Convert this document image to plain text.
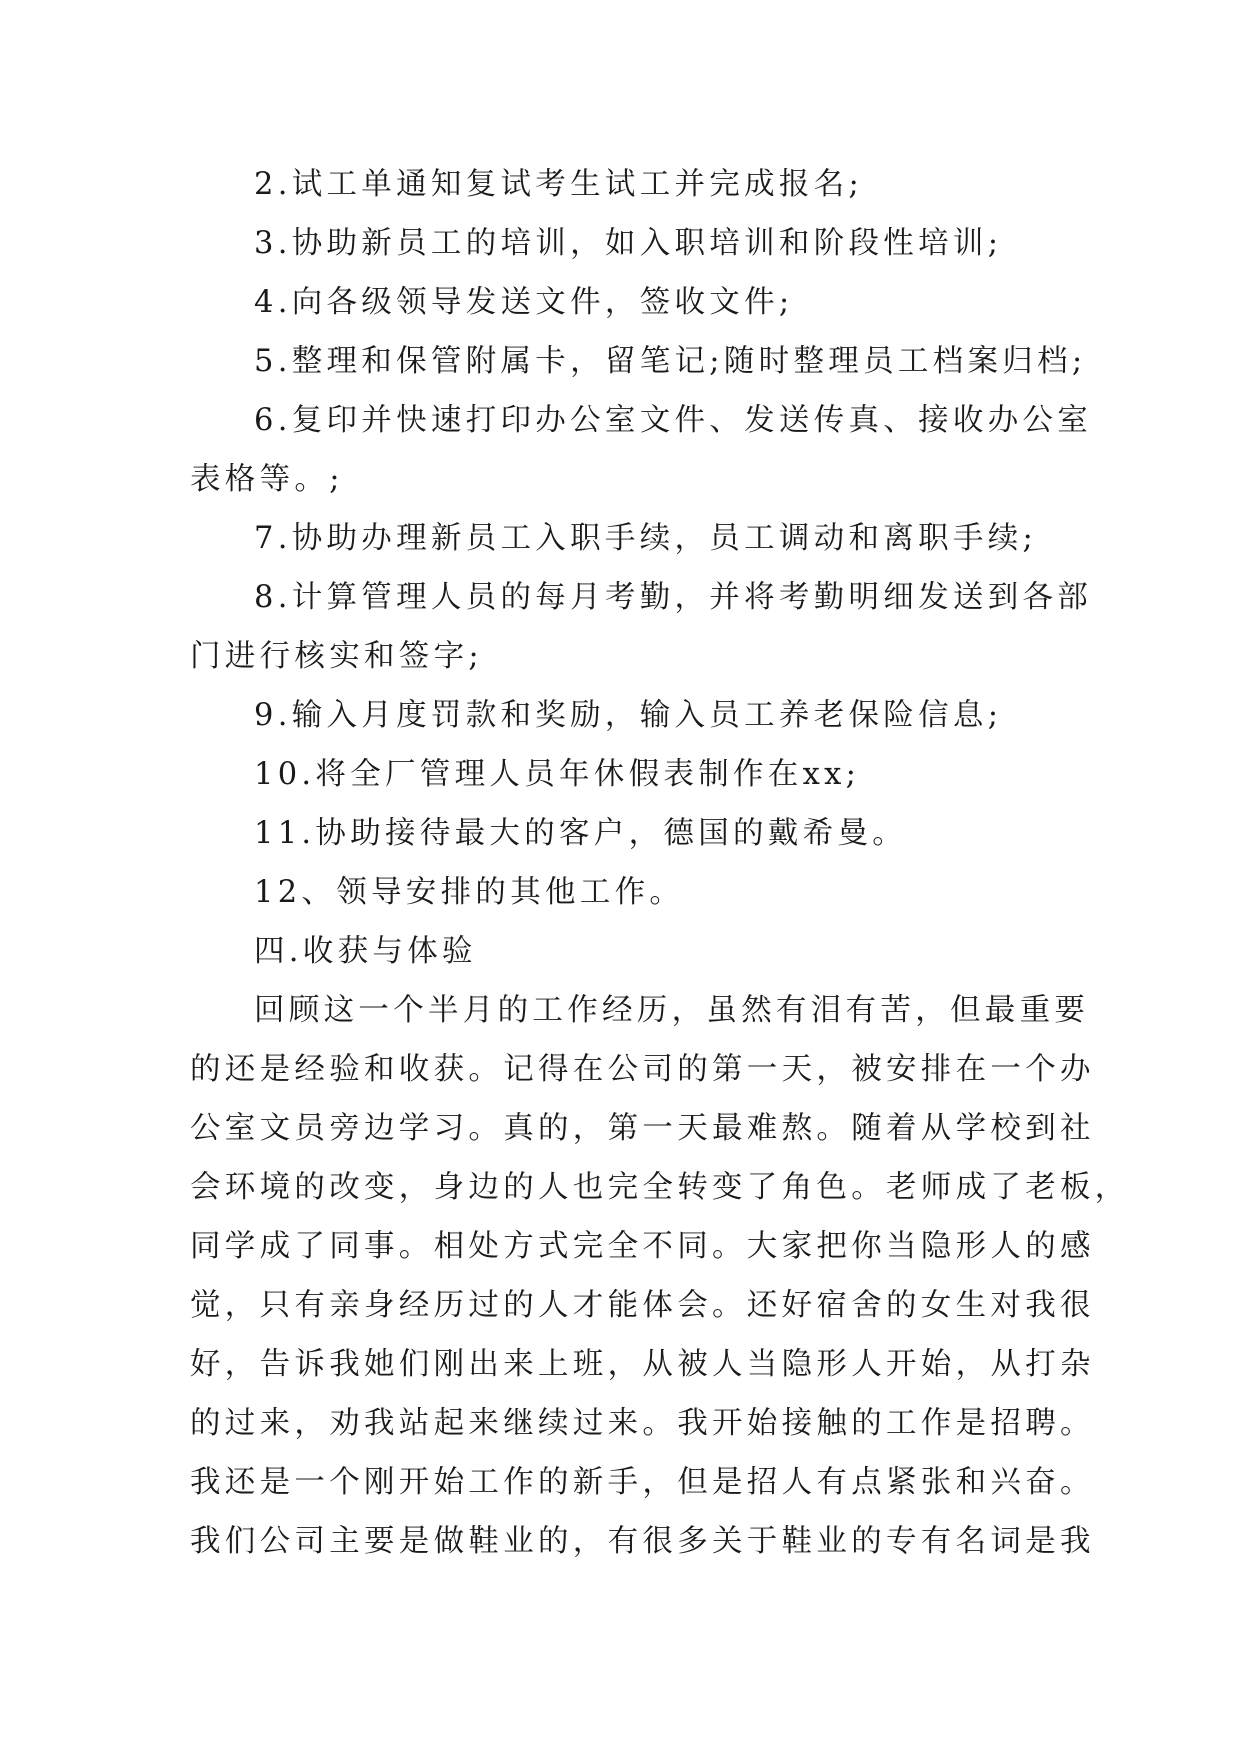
2.试工单通知复试考生试工并完成报名;
3.协助新员工的培训，如入职培训和阶段性培训;
4.向各级领导发送文件，签收文件;
5.整理和保管附属卡，留笔记;随时整理员工档案归档;
6.复印并快速打印办公室文件、发送传真、接收办公室
表格等。;
7.协助办理新员工入职手续，员工调动和离职手续;
8.计算管理人员的每月考勤，并将考勤明细发送到各部
门进行核实和签字;
9.输入月度罚款和奖励，输入员工养老保险信息;
10.将全厂管理人员年休假表制作在xx;
11.协助接待最大的客户，德国的戴希曼。
12、领导安排的其他工作。
四.收获与体验
回顾这一个半月的工作经历，虽然有泪有苦，但最重要
的还是经验和收获。记得在公司的第一天，被安排在一个办
公室文员旁边学习。真的，第一天最难熬。随着从学校到社
会环境的改变，身边的人也完全转变了角色。老师成了老板，
同学成了同事。相处方式完全不同。大家把你当隐形人的感
觉，只有亲身经历过的人才能体会。还好宿舍的女生对我很
好，告诉我她们刚出来上班，从被人当隐形人开始，从打杂
的过来，劝我站起来继续过来。我开始接触的工作是招聘。
我还是一个刚开始工作的新手，但是招人有点紧张和兴奋。
我们公司主要是做鞋业的，有很多关于鞋业的专有名词是我
